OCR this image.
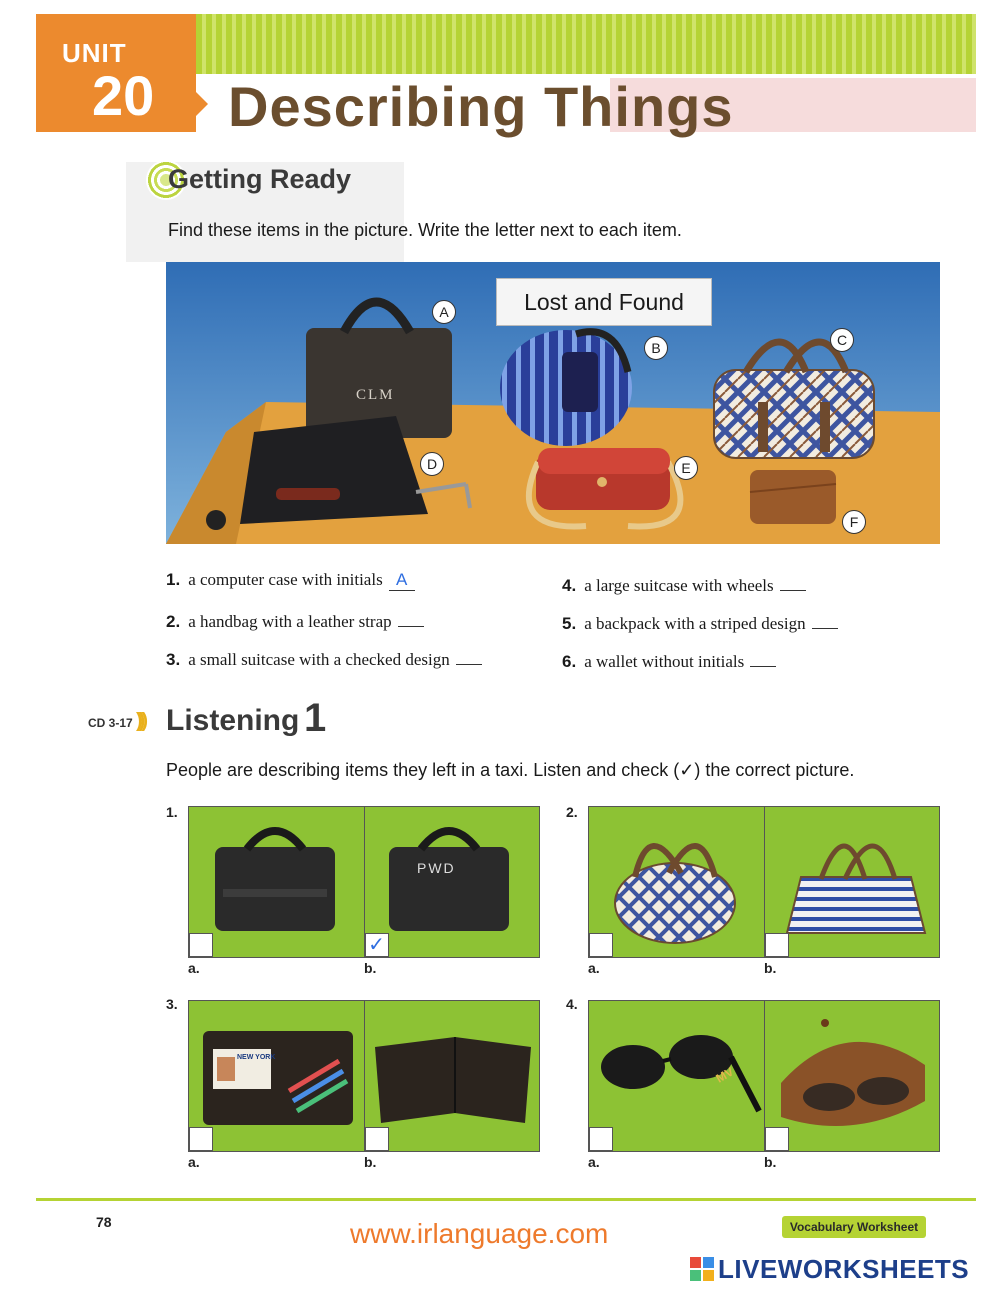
UNIT
20 Describing Things
Getting Ready
Find these items in the picture. Write the letter next to each item.
CLM
Lost and Found
A
B	C
D	E
F
1. a computer case with initials A
2. a handbag with a leather strap
3. a small suitcase with a checked design
4. a large suitcase with wheels
5. a backpack with a striped design
6. a wallet without initials
CD 3-17 ))) Listening 1
People are describing items they left in a taxi. Listen and check (✓) the correct picture.
1.
PWD
✓
a.	b.
2.
a.	b.
3.
NEW YORK
a.	b.
4.
MV
a.	b.
78	www.irlanguage.com	Vocabulary Worksheet
LIVEWORKSHEETS
